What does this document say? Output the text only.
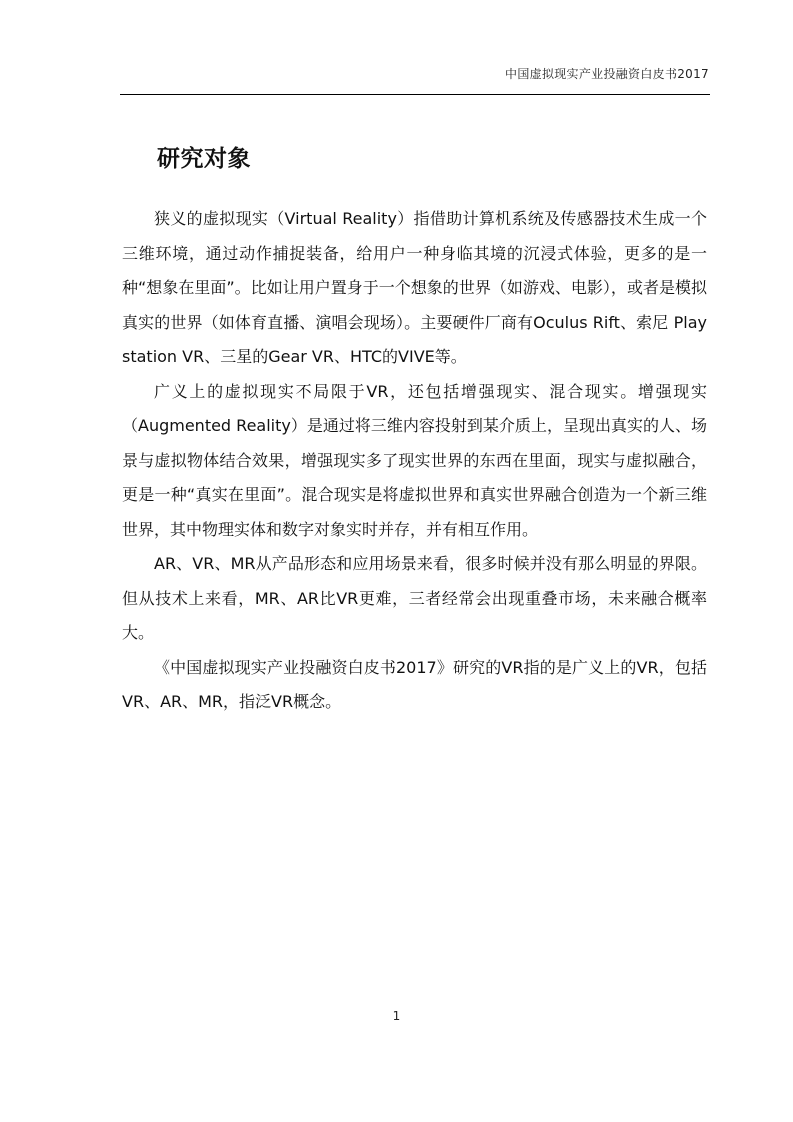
中国虚拟现实产业投融资白皮书2017
研究对象

狭义的虚拟现实（Virtual Reality）指借助计算机系统及传感器技术生成一个三维环境，通过动作捕捉装备，给用户一种身临其境的沉浸式体验，更多的是一种“想象在里面”。比如让用户置身于一个想象的世界（如游戏、电影），或者是模拟真实的世界（如体育直播、演唱会现场）。主要硬件厂商有Oculus Rift、索尼 Play station VR、三星的Gear VR、HTC的VIVE等。

广义上的虚拟现实不局限于VR，还包括增强现实、混合现实。增强现实（Augmented Reality）是通过将三维内容投射到某介质上，呈现出真实的人、场景与虚拟物体结合效果，增强现实多了现实世界的东西在里面，现实与虚拟融合，更是一种“真实在里面”。混合现实是将虚拟世界和真实世界融合创造为一个新三维世界，其中物理实体和数字对象实时并存，并有相互作用。

AR、VR、MR从产品形态和应用场景来看，很多时候并没有那么明显的界限。但从技术上来看，MR、AR比VR更难，三者经常会出现重叠市场，未来融合概率大。

《中国虚拟现实产业投融资白皮书2017》研究的VR指的是广义上的VR，包括VR、AR、MR，指泛VR概念。

1
